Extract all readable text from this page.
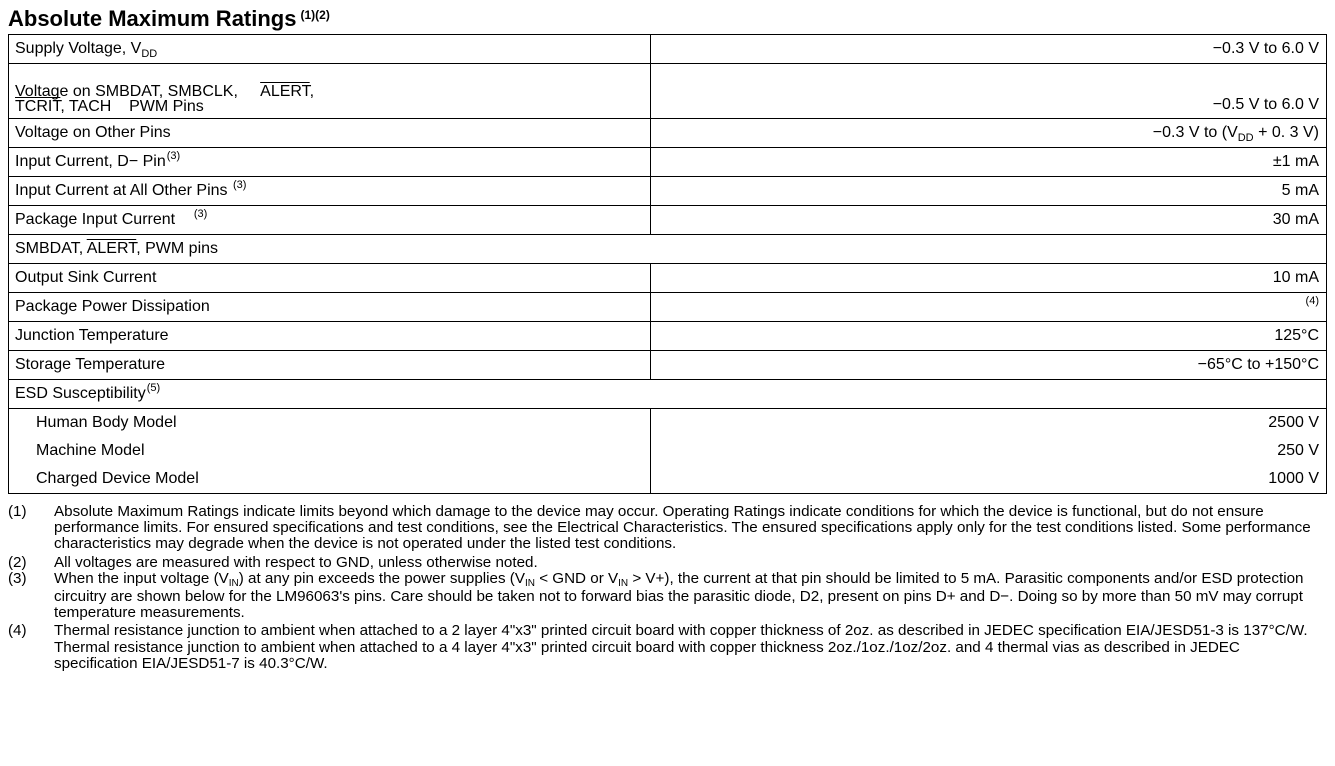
Absolute Maximum Ratings $^{(1)(2)}$
Supply Voltage, $V_{DD}$	−0.3 V to 6.0 V
Voltage on SMBDAT, SMBCLK, ALERT,
TCRIT, TACH    PWM Pins	−0.5 V to 6.0 V
Voltage on Other Pins	−0.3 V to ($V_{DD} + 0$. 3 V)
Input Current, D− Pin$^{(3)}$	±1 mA
Input Current at All Other Pins $^{(3)}$	5 mA
Package Input Current    $^{(3)}$	30 mA
SMBDAT, ALERT, PWM pins	
Output Sink Current	10 mA
Package Power Dissipation	$^{(4)}$
Junction Temperature	125°C
Storage Temperature	−65°C to +150°C
ESD Susceptibility$^{(5)}$	
Human Body Model	2500 V
Machine Model	250 V
Charged Device Model	1000 V
(1) Absolute Maximum Ratings indicate limits beyond which damage to the device may occur. Operating Ratings indicate conditions for which the device is functional, but do not ensure performance limits. For ensured specifications and test conditions, see the Electrical Characteristics. The ensured specifications apply only for the test conditions listed. Some performance characteristics may degrade when the device is not operated under the listed test conditions.
(2) All voltages are measured with respect to GND, unless otherwise noted.
(3) When the input voltage $(V_{IN})$ at any pin exceeds the power supplies ($V_{IN}$ < GND or $V_{IN} > V+$), the current at that pin should be limited to 5 mA. Parasitic components and/or ESD protection circuitry are shown below for the LM96063's pins. Care should be taken not to forward bias the parasitic diode, D2, present on pins D+ and D−. Doing so by more than 50 mV may corrupt temperature measurements.
(4) Thermal resistance junction to ambient when attached to a 2 layer 4"x3" printed circuit board with copper thickness of 2oz. as described in JEDEC specification EIA/JESD51-3 is 137°C/W. Thermal resistance junction to ambient when attached to a 4 layer 4"x3" printed circuit board with copper thickness 2oz./1oz./1oz/2oz. and 4 thermal vias as described in JEDEC specification EIA/JESD51-7 is 40.3°C/W.
